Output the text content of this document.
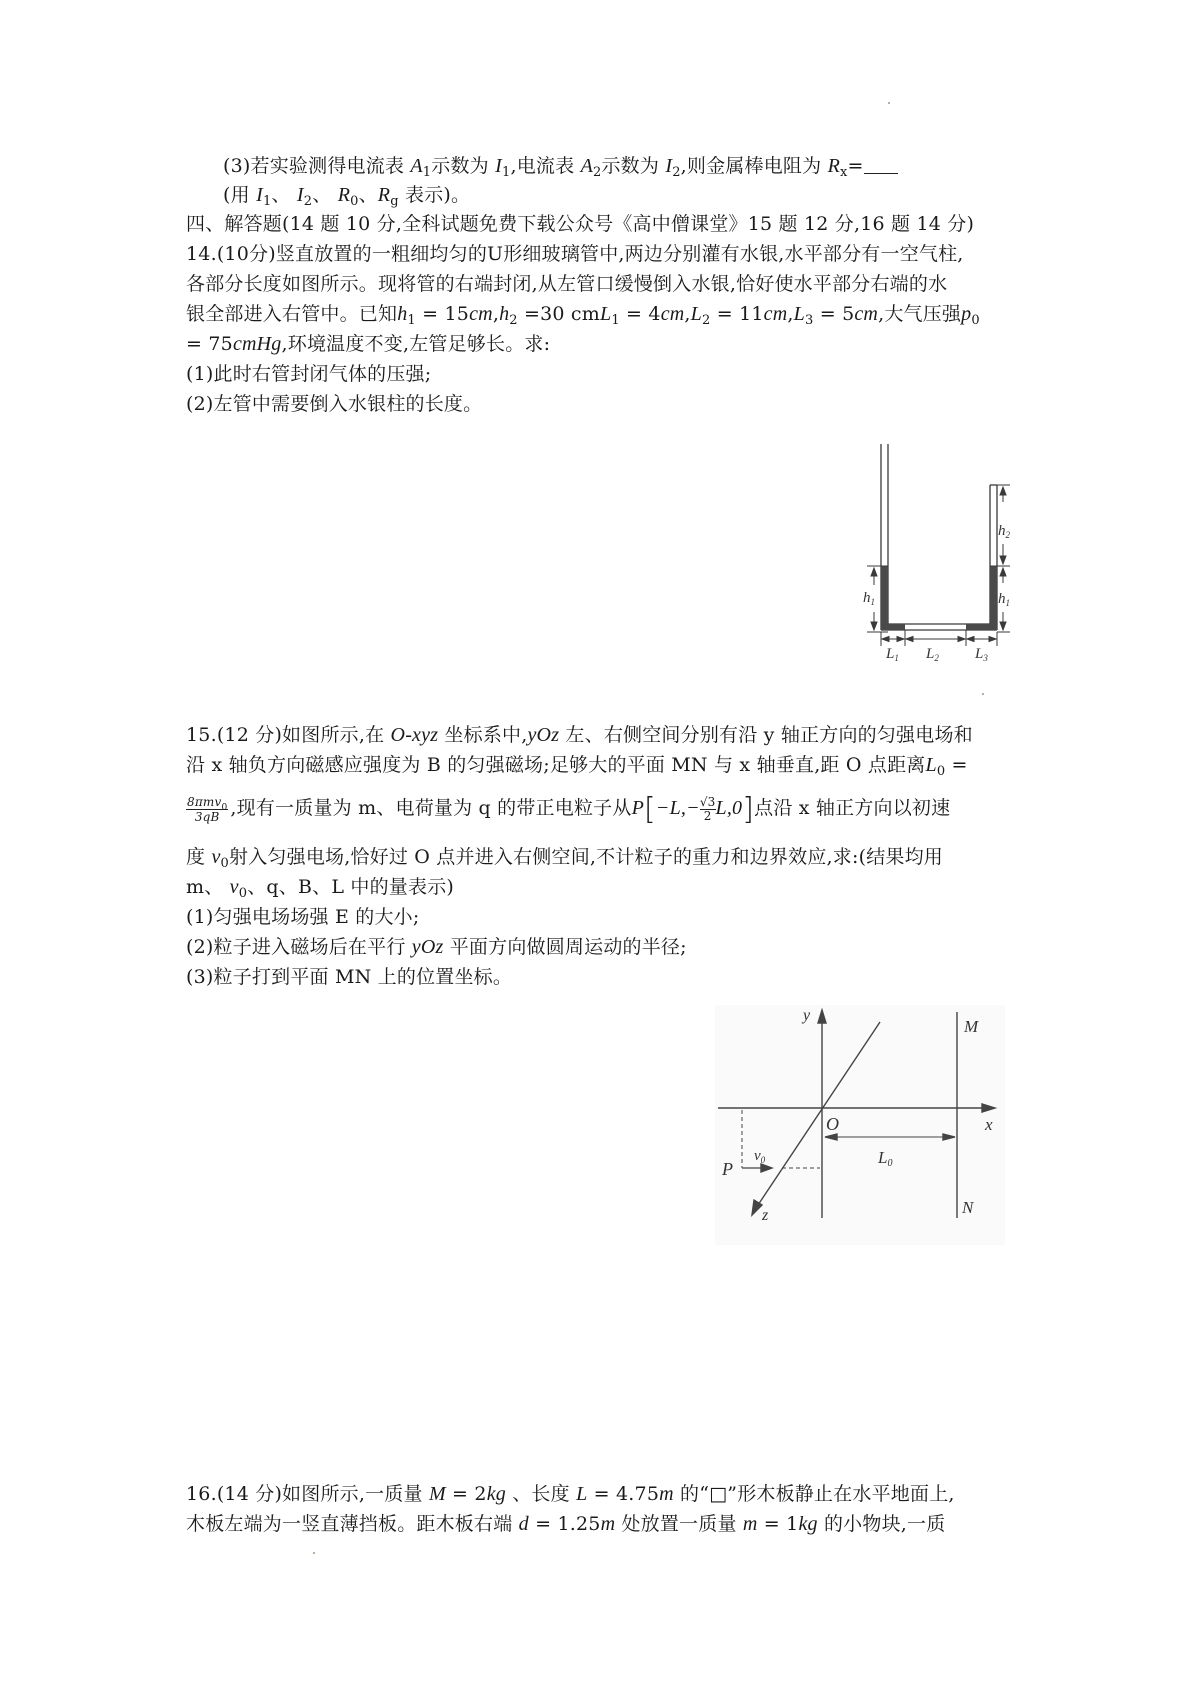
(3)若实验测得电流表 $A_1$示数为 $I_1$,电流表 $A_2$示数为 $I_2$,则金属棒电阻为 $R_x=$
(用 $I_1$、 $I_2$、 $R_0$、$R_g$ 表示)。
四、解答题(14 题 10 分,全科试题免费下载公众号《高中僧课堂》15 题 12 分,16 题 14 分)
14.(10分)竖直放置的一粗细均匀的U形细玻璃管中,两边分别灌有水银,水平部分有一空气柱,
各部分长度如图所示。现将管的右端封闭,从左管口缓慢倒入水银,恰好使水平部分右端的水
银全部进入右管中。已知$h_1 = 15cm,h_2 =30$ $cmL_1 = 4cm,L_2 = 11cm,L_3 = 5cm$,大气压强$p_0$
= 75cmHg,环境温度不变,左管足够长。求:
(1)此时右管封闭气体的压强;
(2)左管中需要倒入水银柱的长度。
$h_1$
$h_2$
$h_1$
$L_1$ $L_2$ $L_3$
15.(12 分)如图所示,在 O-xyz 坐标系中,yOz 左、右侧空间分别有沿 y 轴正方向的匀强电场和
沿 x 轴负方向磁感应强度为 B 的匀强磁场;足够大的平面 MN 与 x 轴垂直,距 O 点距离$L_0$ =
$\frac{8\pi mv_0}{3qB}$ ,现有一质量为 m、电荷量为 q 的带正电粒子从$P[-L,- \frac{√3}{2}L,0]$点沿 x 轴正方向以初速
度 $v_0$射入匀强电场,恰好过 O 点并进入右侧空间,不计粒子的重力和边界效应,求:(结果均用
m、 $v_0$、q、B、L 中的量表示)
(1)匀强电场场强 E 的大小;
(2)粒子进入磁场后在平行 yOz 平面方向做圆周运动的半径;
(3)粒子打到平面 MN 上的位置坐标。
y
x
z
O
M
N
P
$v_0$	L0
16.(14 分)如图所示,一质量 M = 2kg 、长度 L = 4.75m 的“□”形木板静止在水平地面上,
木板左端为一竖直薄挡板。距木板右端 d = 1.25m 处放置一质量 m = 1kg 的小物块,一质
